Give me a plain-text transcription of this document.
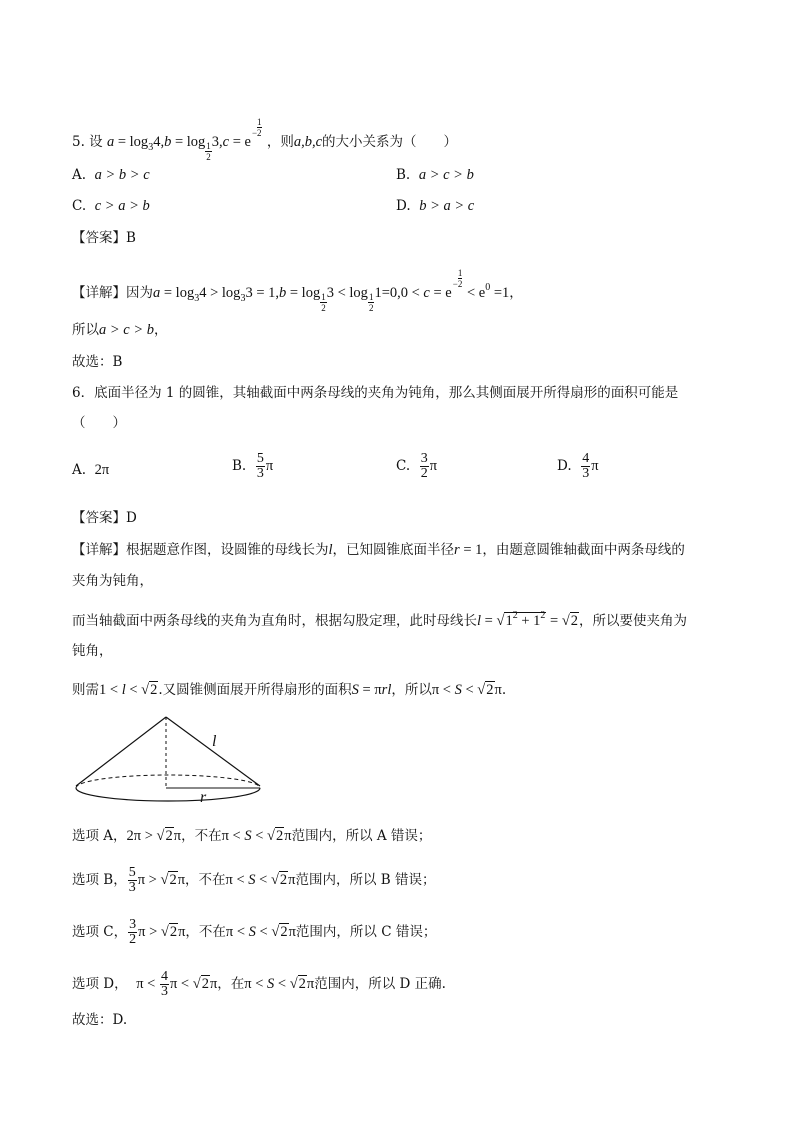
5. 设 $a = \log_34,b = \log \frac{1}{2} 3,c = e$
− $\frac{1}{2}$
，则a,b,c的大小关系为（　　）
A. a > b > c	B. a > c > b
C. c > a > b	D. b > a > c
【答案】B
【详解】因为$a = \log_34 > \log_33 = 1,b = \log \frac{1}{2} 3 < \log \frac{1}{2} 1=0,0 < c = e$
− $\frac{1}{2}$
< $e^0 =1$，
所以a > c > b，
故选：B
6．底面半径为 1 的圆锥，其轴截面中两条母线的夹角为钝角，那么其侧面展开所得扇形的面积可能是
（　　）
A. 2π	B. $\frac{5}{3}$ π	C. $\frac{3}{2}$ π	D. $\frac{4}{3}$ π
【答案】D
【详解】根据题意作图，设圆锥的母线长为l，已知圆锥底面半径r = 1，由题意圆锥轴截面中两条母线的
夹角为钝角，
而当轴截面中两条母线的夹角为直角时，根据勾股定理，此时母线长$l = √1^2 + 1^2 = √2$，所以要使夹角为
钝角，
则需1 < l < √2.又圆锥侧面展开所得扇形的面积S = πrl，所以π < S < √2π.
l
r
选项 A，2π > √2π，不在π < S < √2π范围内，所以 A 错误；
选项 B， $\frac{5}{3}$ π > √2π，不在π < S < √2π范围内，所以 B 错误；
选项 C， $\frac{3}{2}$ π > √2π，不在π < S < √2π范围内，所以 C 错误；
选项 D， $\pi < \frac{4}{3}$ π < √2π，在π < S < √2π范围内，所以 D 正确.
故选：D.
